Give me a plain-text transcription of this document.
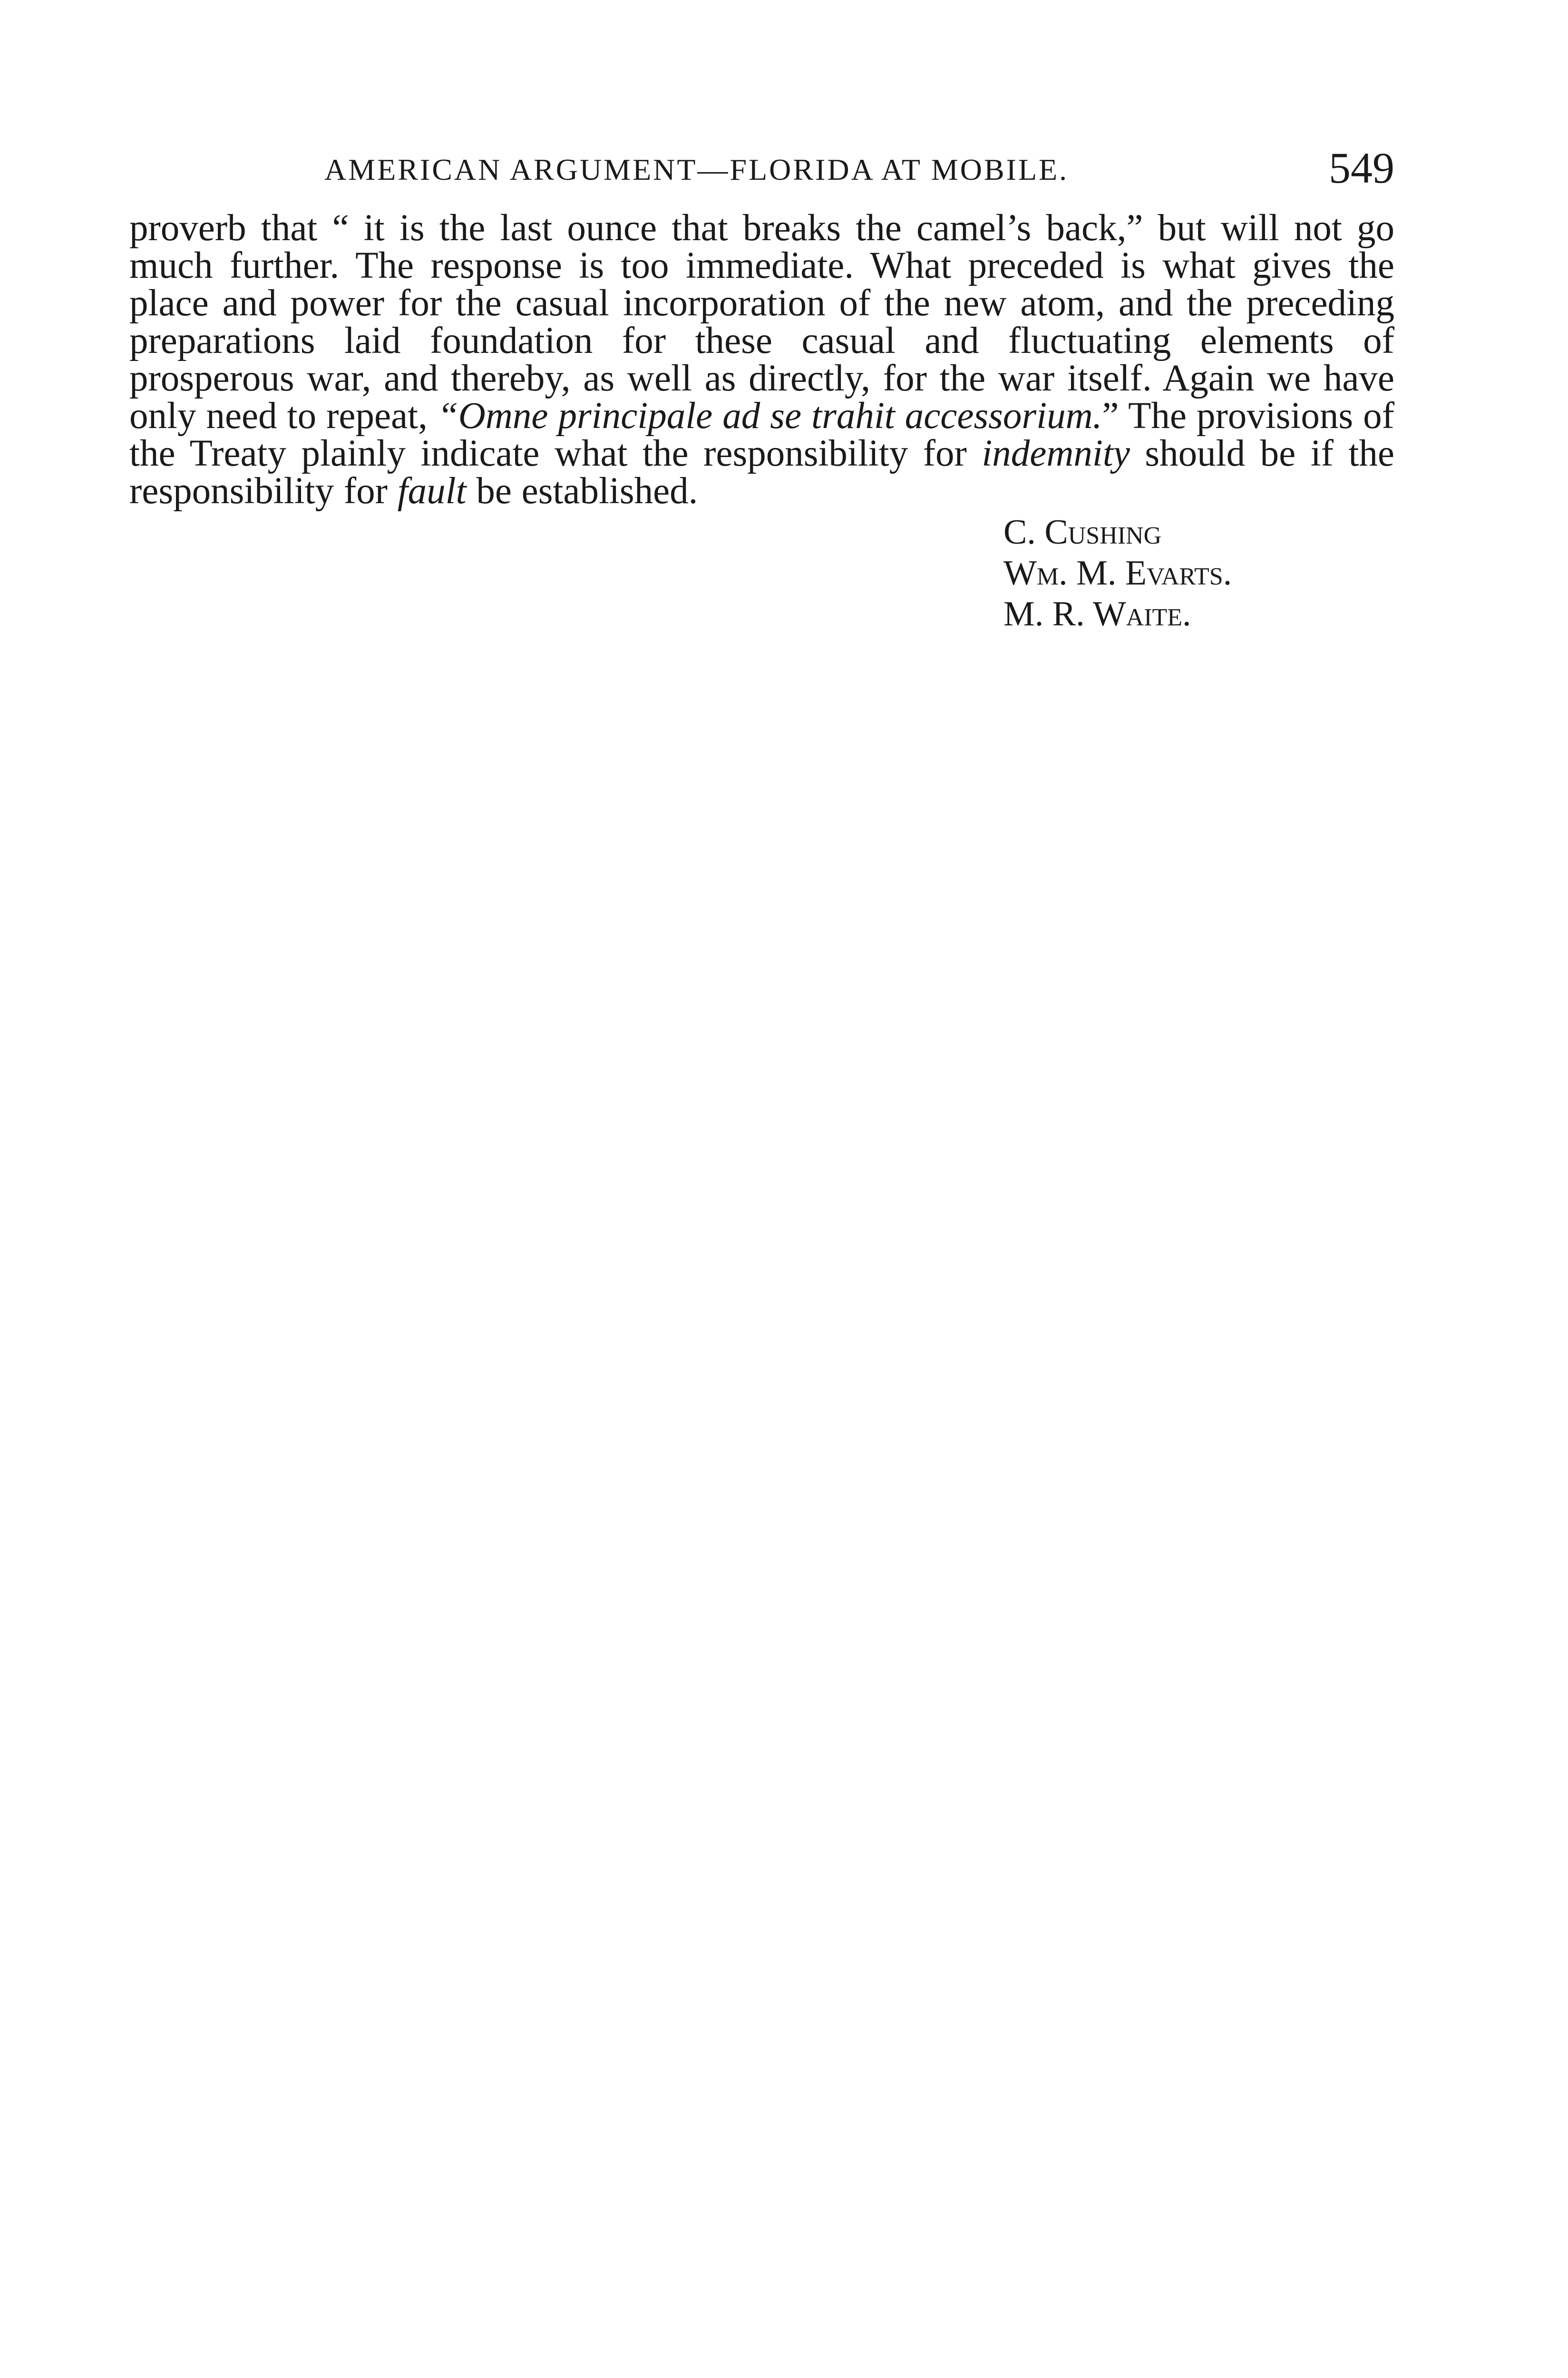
AMERICAN ARGUMENT—FLORIDA AT MOBILE.	549

proverb that “ it is the last ounce that breaks the camel’s back,” but will not go much further. The response is too immediate. What preceded is what gives the place and power for the casual incorporation of the new atom, and the preceding preparations laid foundation for these casual and fluctuating elements of prosperous war, and thereby, as well as directly, for the war itself. Again we have only need to repeat, “Omne principale ad se trahit accessorium.” The provisions of the Treaty plainly indicate what the responsibility for indemnity should be if the responsibility for fault be established.

C. Cushing
Wm. M. Evarts.
M. R. Waite.
